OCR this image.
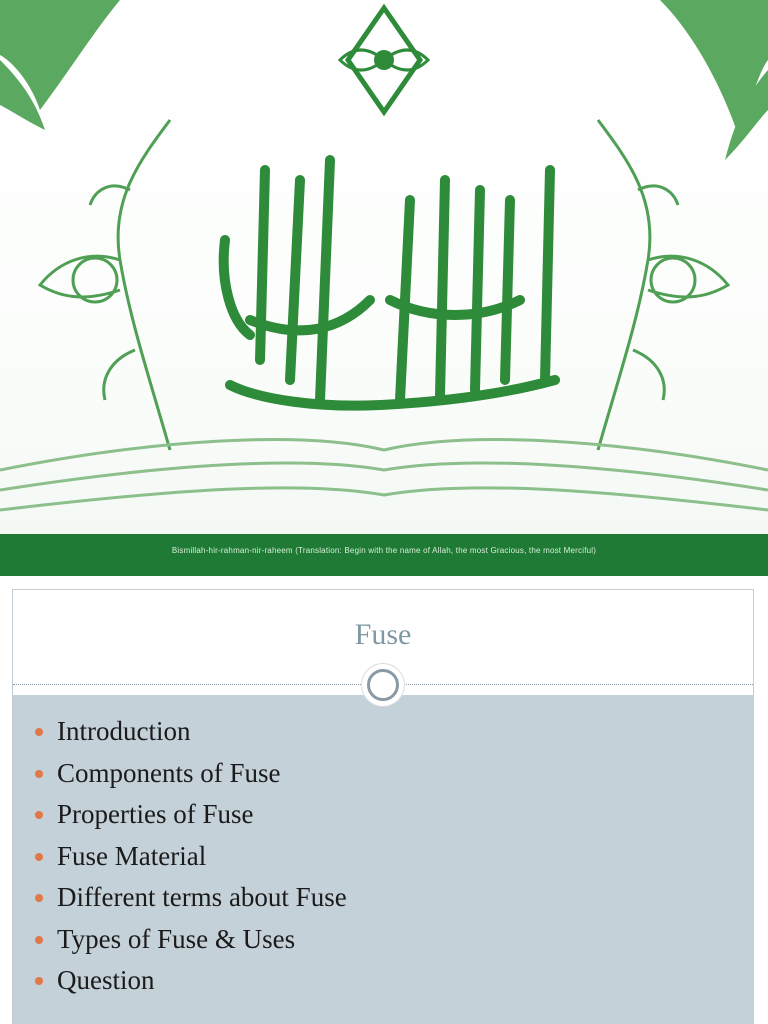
Bismillah-hir-rahman-nir-raheem (Translation: Begin with the name of Allah, the most Gracious, the most Merciful)
Fuse
Introduction
Components of Fuse
Properties of Fuse
Fuse Material
Different terms about Fuse
Types of Fuse & Uses
Question
